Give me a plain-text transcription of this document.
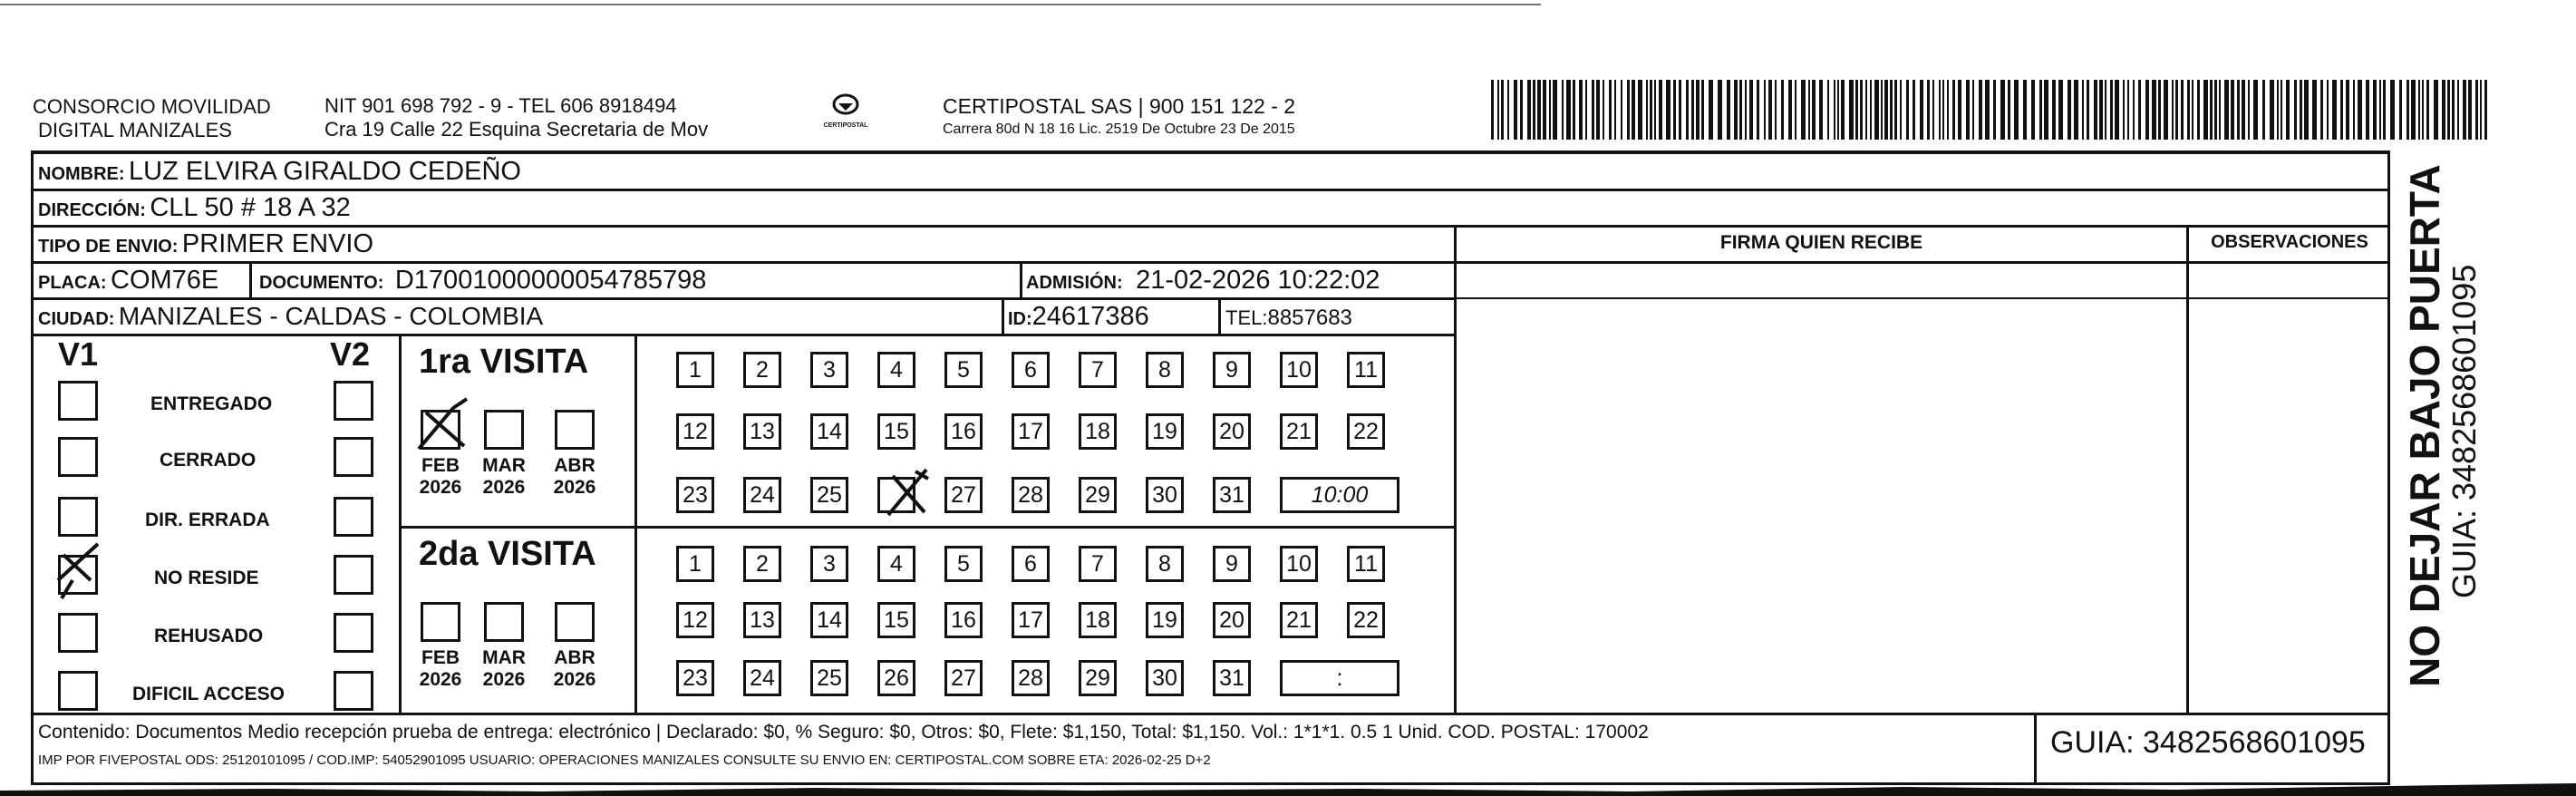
CONSORCIO MOVILIDAD
DIGITAL MANIZALES
NIT 901 698 792 - 9 - TEL 606 8918494
Cra 19 Calle 22 Esquina Secretaria de Mov	CERTIPOSTAL
CERTIPOSTAL SAS | 900 151 122 - 2
Carrera 80d N 18 16 Lic. 2519 De Octubre 23 De 2015
NOMBRE: LUZ ELVIRA GIRALDO CEDEÑO
DIRECCIÓN: CLL 50 # 18 A 32
TIPO DE ENVIO: PRIMER ENVIO	FIRMA QUIEN RECIBE	OBSERVACIONES
PLACA: COM76E DOCUMENTO: D17001000000054785798	ADMISIÓN: 21-02-2026 10:22:02
CIUDAD: MANIZALES - CALDAS - COLOMBIA	ID:24617386	TEL:8857683
V1	V2
ENTREGADO
CERRADO
DIR. ERRADA
NO RESIDE
REHUSADO
DIFICIL ACCESO
1ra VISITA
2da VISITA
FEB
2026
MAR
2026
ABR
2026
FEB
2026
MAR
2026
ABR
2026
1	2	3	4	5	6	7	8	9	10	11
12 13 14 15 16 17 18 19 20 21 22
23 24 25	27 28 29 30 31	10:00
1	2	3	4	5	6	7	8	9	10	11
12 13 14 15 16 17 18 19 20 21 22
23 24 25 26 27 28 29 30 31	:
Contenido: Documentos Medio recepción prueba de entrega: electrónico | Declarado: $0, % Seguro: $0, Otros: $0, Flete: $1,150, Total: $1,150. Vol.: 1*1*1. 0.5 1 Unid. COD. POSTAL: 170002
IMP POR FIVEPOSTAL ODS: 25120101095 / COD.IMP: 54052901095 USUARIO: OPERACIONES MANIZALES CONSULTE SU ENVIO EN: CERTIPOSTAL.COM SOBRE ETA: 2026-02-25 D+2
GUIA: 3482568601095
NO DEJAR BAJO PUERTA
GUIA: 3482568601095
